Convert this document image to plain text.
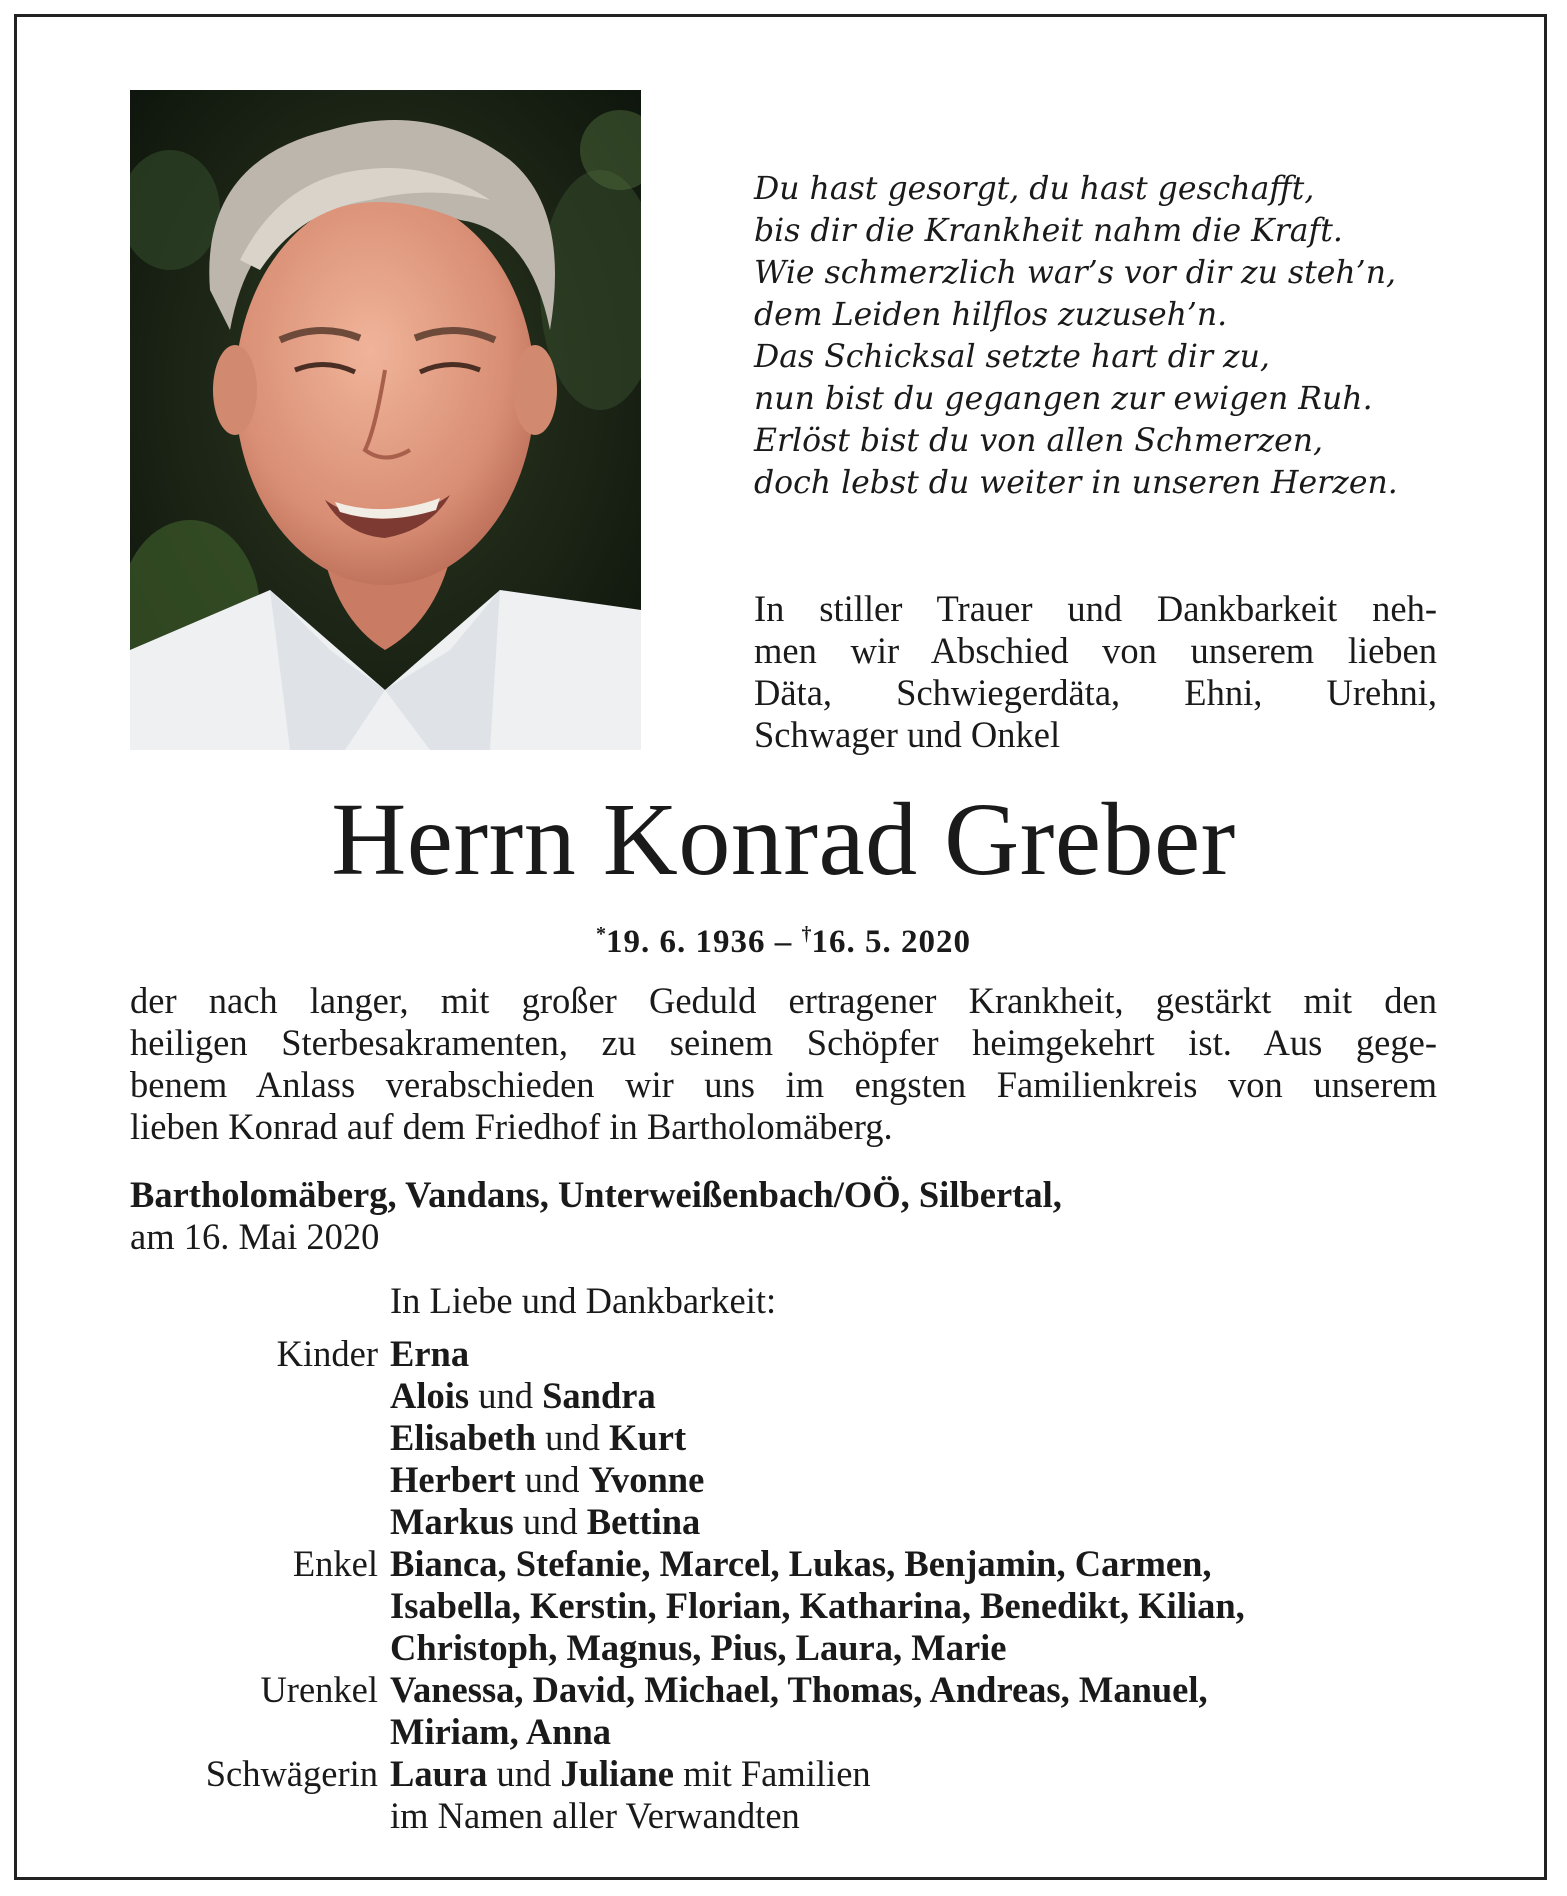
Du hast gesorgt, du hast geschafft,
bis dir die Krankheit nahm die Kraft.
Wie schmerzlich war’s vor dir zu steh’n,
dem Leiden hilflos zuzuseh’n.
Das Schicksal setzte hart dir zu,
nun bist du gegangen zur ewigen Ruh.
Erlöst bist du von allen Schmerzen,
doch lebst du weiter in unseren Herzen.
In stiller Trauer und Dankbarkeit neh-
men wir Abschied von unserem lieben
Däta, Schwiegerdäta, Ehni, Urehni,
Schwager und Onkel
Herrn Konrad Greber
*19. 6. 1936 – †16. 5. 2020
der nach langer, mit großer Geduld ertragener Krankheit, gestärkt mit den
heiligen Sterbesakramenten, zu seinem Schöpfer heimgekehrt ist. Aus gege-
benem Anlass verabschieden wir uns im engsten Familienkreis von unserem
lieben Konrad auf dem Friedhof in Bartholomäberg.
Bartholomäberg, Vandans, Unterweißenbach/OÖ, Silbertal,
am 16. Mai 2020
In Liebe und Dankbarkeit:
Kinder Erna
Alois und Sandra
Elisabeth und Kurt
Herbert und Yvonne
Markus und Bettina
Enkel Bianca, Stefanie, Marcel, Lukas, Benjamin, Carmen,
Isabella, Kerstin, Florian, Katharina, Benedikt, Kilian,
Christoph, Magnus, Pius, Laura, Marie
Urenkel Vanessa, David, Michael, Thomas, Andreas, Manuel,
Miriam, Anna
Schwägerin Laura und Juliane mit Familien
im Namen aller Verwandten
